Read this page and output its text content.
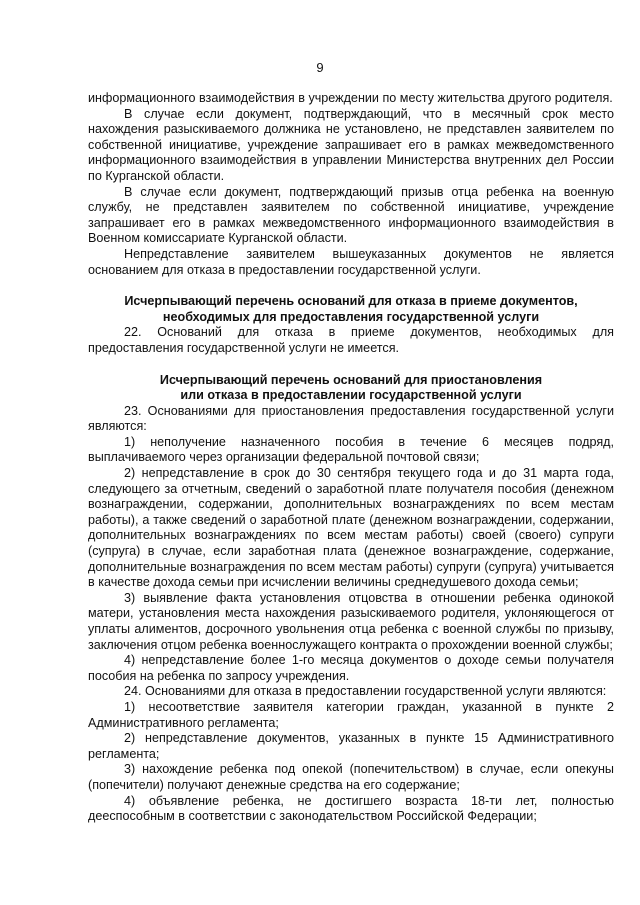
9

информационного взаимодействия в учреждении по месту жительства другого родителя.

В случае если документ, подтверждающий, что в месячный срок место нахождения разыскиваемого должника не установлено, не представлен заявителем по собственной инициативе, учреждение запрашивает его в рамках межведомственного информационного взаимодействия в управлении Министерства внутренних дел России по Курганской области.

В случае если документ, подтверждающий призыв отца ребенка на военную службу, не представлен заявителем по собственной инициативе, учреждение запрашивает его в рамках межведомственного информационного взаимодействия в Военном комиссариате Курганской области.

Непредставление заявителем вышеуказанных документов не является основанием для отказа в предоставлении государственной услуги.

Исчерпывающий перечень оснований для отказа в приеме документов,

необходимых для предоставления государственной услуги

22. Оснований для отказа в приеме документов, необходимых для предоставления государственной услуги не имеется.

Исчерпывающий перечень оснований для приостановления

или отказа в предоставлении государственной услуги

23. Основаниями для приостановления предоставления государственной услуги являются:

1) неполучение назначенного пособия в течение 6 месяцев подряд, выплачиваемого через организации федеральной почтовой связи;

2) непредставление в срок до 30 сентября текущего года и до 31 марта года, следующего за отчетным, сведений о заработной плате получателя пособия (денежном вознаграждении, содержании, дополнительных вознаграждениях по всем местам работы), а также сведений о заработной плате (денежном вознаграждении, содержании, дополнительных вознаграждениях по всем местам работы) своей (своего) супруги (супруга) в случае, если заработная плата (денежное вознаграждение, содержание, дополнительные вознаграждения по всем местам работы) супруги (супруга) учитывается в качестве дохода семьи при исчислении величины среднедушевого дохода семьи;

3) выявление факта установления отцовства в отношении ребенка одинокой матери, установления места нахождения разыскиваемого родителя, уклоняющегося от уплаты алиментов, досрочного увольнения отца ребенка с военной службы по призыву, заключения отцом ребенка военнослужащего контракта о прохождении военной службы;

4) непредставление более 1-го месяца документов о доходе семьи получателя пособия на ребенка по запросу учреждения.

24. Основаниями для отказа в предоставлении государственной услуги являются:

1) несоответствие заявителя категории граждан, указанной в пункте 2 Административного регламента;

2) непредставление документов, указанных в пункте 15 Административного регламента;

3) нахождение ребенка под опекой (попечительством) в случае, если опекуны (попечители) получают денежные средства на его содержание;

4) объявление ребенка, не достигшего возраста 18-ти лет, полностью дееспособным в соответствии с законодательством Российской Федерации;
